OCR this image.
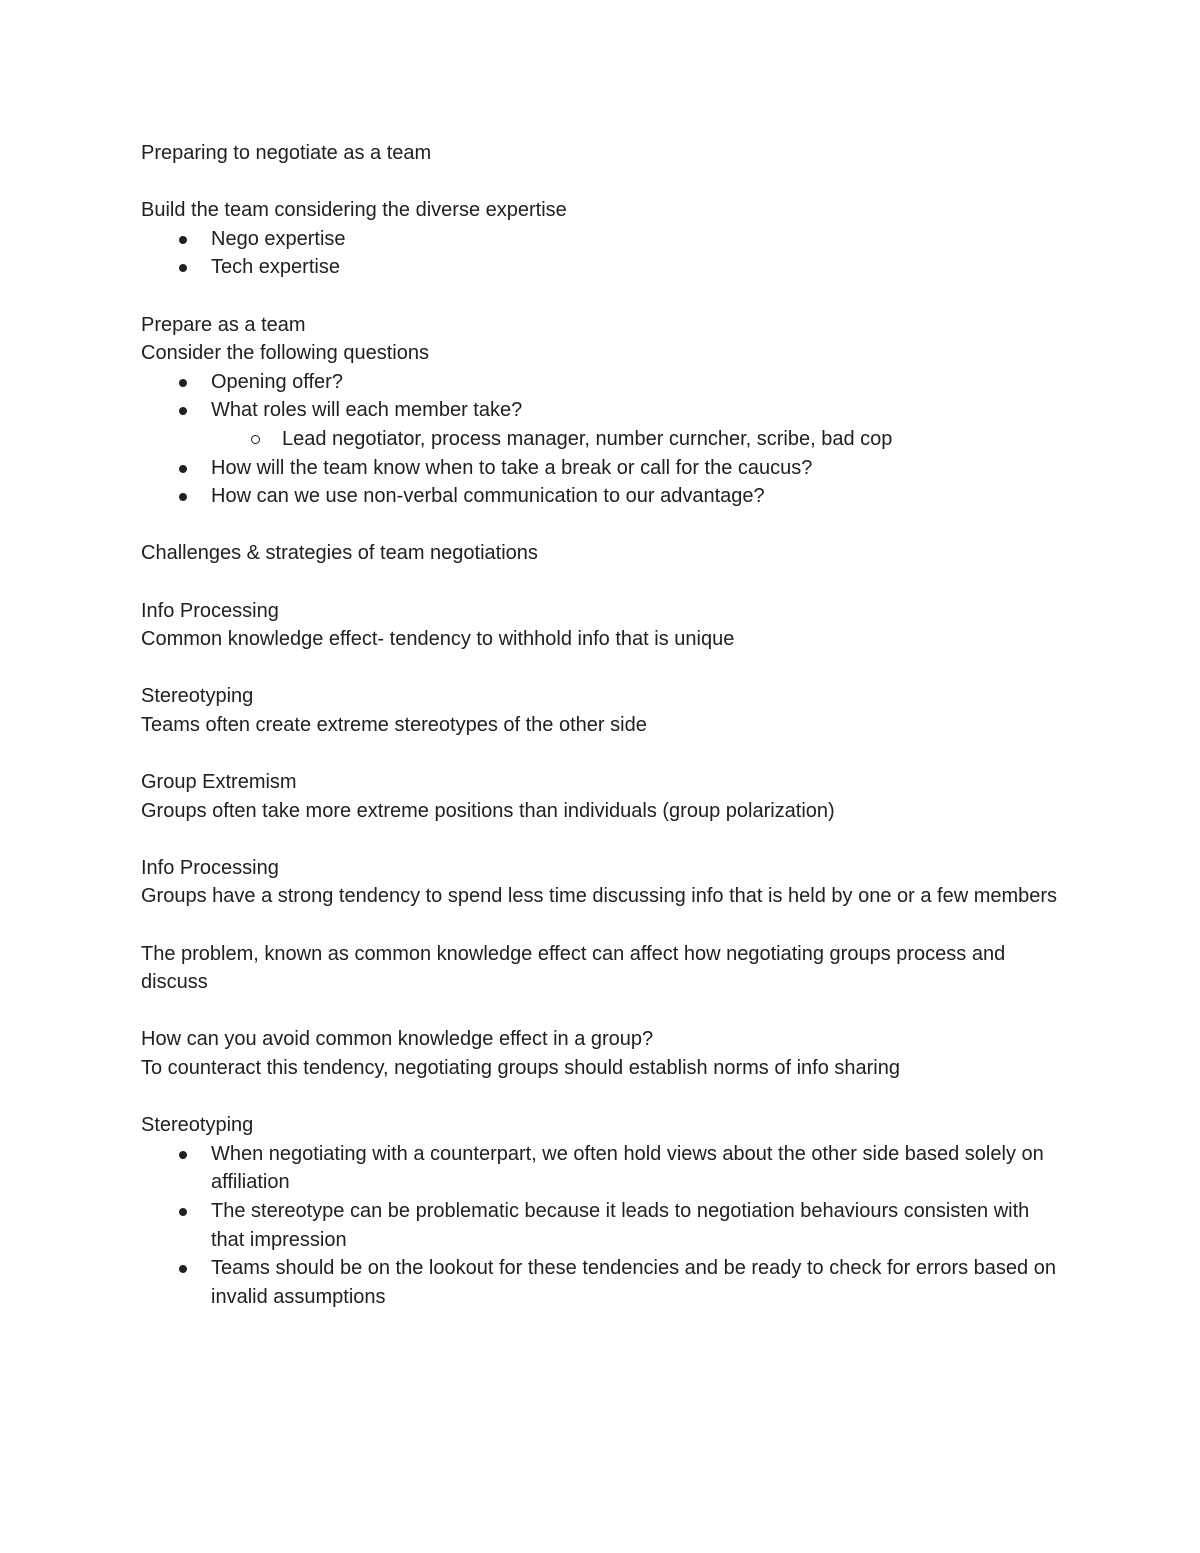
Preparing to negotiate as a team

Build the team considering the diverse expertise

Nego expertise
Tech expertise

Prepare as a team

Consider the following questions

Opening offer?
What roles will each member take?
Lead negotiator, process manager, number curncher, scribe, bad cop
How will the team know when to take a break or call for the caucus?
How can we use non-verbal communication to our advantage?

Challenges & strategies of team negotiations

Info Processing

Common knowledge effect- tendency to withhold info that is unique

Stereotyping

Teams often create extreme stereotypes of the other side

Group Extremism

Groups often take more extreme positions than individuals (group polarization)

Info Processing

Groups have a strong tendency to spend less time discussing info that is held by one or a few members

The problem, known as common knowledge effect can affect how negotiating groups process and discuss

How can you avoid common knowledge effect in a group?

To counteract this tendency, negotiating groups should establish norms of info sharing

Stereotyping

When negotiating with a counterpart, we often hold views about the other side based solely on affiliation
The stereotype can be problematic because it leads to negotiation behaviours consisten with that impression
Teams should be on the lookout for these tendencies and be ready to check for errors based on invalid assumptions
